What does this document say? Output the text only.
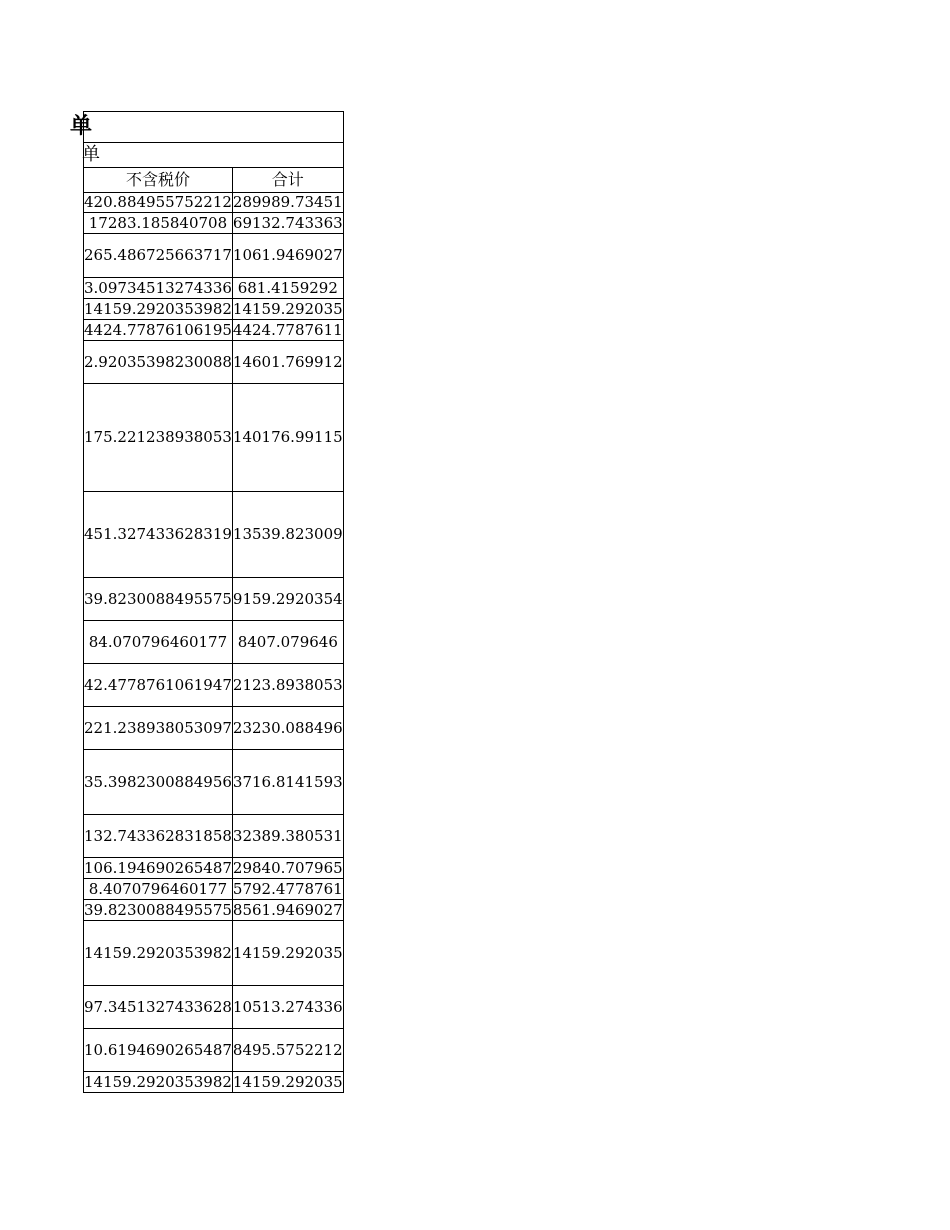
单	
单	
不含税价	合计
420.884955752212	289989.73451
17283.185840708	69132.743363
265.486725663717	1061.9469027
3.09734513274336	681.4159292
14159.2920353982	14159.292035
4424.77876106195	4424.7787611
2.92035398230088	14601.769912
175.221238938053	140176.99115
451.327433628319	13539.823009
39.8230088495575	9159.2920354
84.070796460177	8407.079646
42.4778761061947	2123.8938053
221.238938053097	23230.088496
35.3982300884956	3716.8141593
132.743362831858	32389.380531
106.194690265487	29840.707965
8.4070796460177	5792.4778761
39.8230088495575	8561.9469027
14159.2920353982	14159.292035
97.3451327433628	10513.274336
10.6194690265487	8495.5752212
14159.2920353982	14159.292035
